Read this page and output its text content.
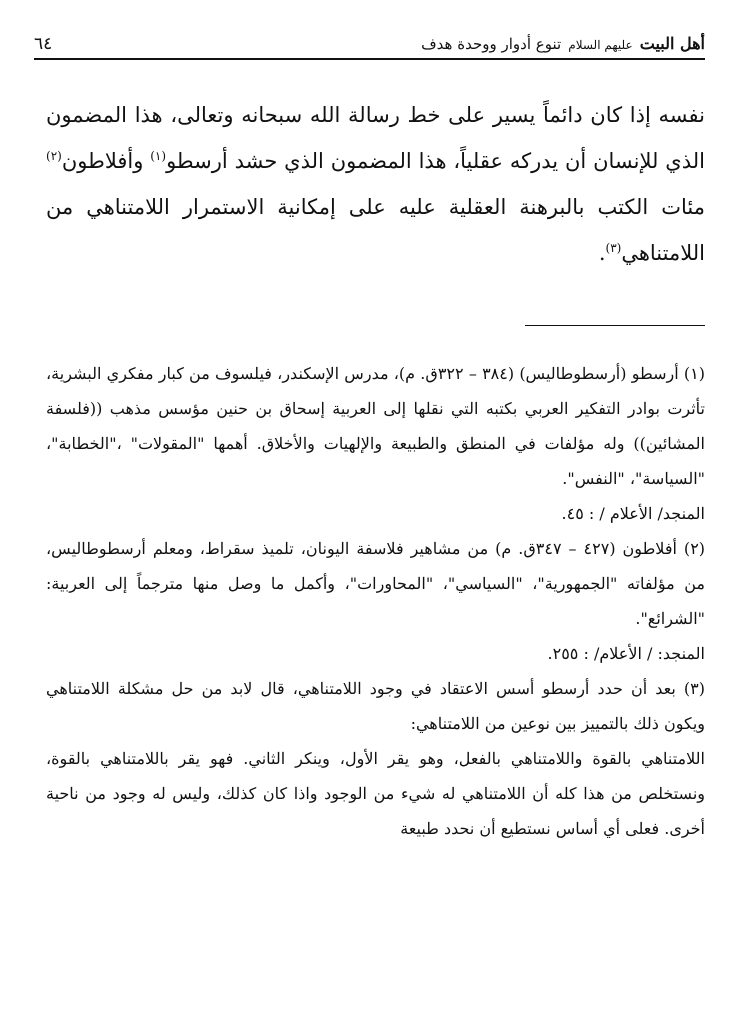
أهل البيت عليهم السلام تنوع أدوار ووحدة هدف
٦٤

نفسه إذا كان دائماً يسير على خط رسالة الله سبحانه وتعالى، هذا المضمون الذي للإنسان أن يدركه عقلياً، هذا المضمون الذي حشد أرسطو$^{(١)}$ وأفلاطون$^{(٢)}$ مئات الكتب بالبرهنة العقلية عليه على إمكانية الاستمرار اللامتناهي من اللامتناهي$^{(٣)}$.

(١) أرسطو (أرسطوطاليس) (٣٨٤ – ٣٢٢ق. م)، مدرس الإسكندر، فيلسوف من كبار مفكري البشرية، تأثرت بوادر التفكير العربي بكتبه التي نقلها إلى العربية إسحاق بن حنين مؤسس مذهب ((فلسفة المشائين)) وله مؤلفات في المنطق والطبيعة والإلهيات والأخلاق. أهمها "المقولات" ،"الخطابة"، "السياسة"، "النفس".

المنجد/ الأعلام / : ٤٥.

(٢) أفلاطون (٤٢٧ – ٣٤٧ق. م) من مشاهير فلاسفة اليونان، تلميذ سقراط، ومعلم أرسطوطاليس، من مؤلفاته "الجمهورية"، "السياسي"، "المحاورات"، وأكمل ما وصل منها مترجماً إلى العربية: "الشرائع".

المنجد: / الأعلام/ : ٢٥٥.

(٣) بعد أن حدد أرسطو أسس الاعتقاد في وجود اللامتناهي، قال لابد من حل مشكلة اللامتناهي ويكون ذلك بالتمييز بين نوعين من اللامتناهي:

اللامتناهي بالقوة واللامتناهي بالفعل، وهو يقر الأول، وينكر الثاني. فهو يقر باللامتناهي بالقوة، ونستخلص من هذا كله أن اللامتناهي له شيء من الوجود واذا كان كذلك، وليس له وجود من ناحية أخرى. فعلى أي أساس نستطيع أن نحدد طبيعة
